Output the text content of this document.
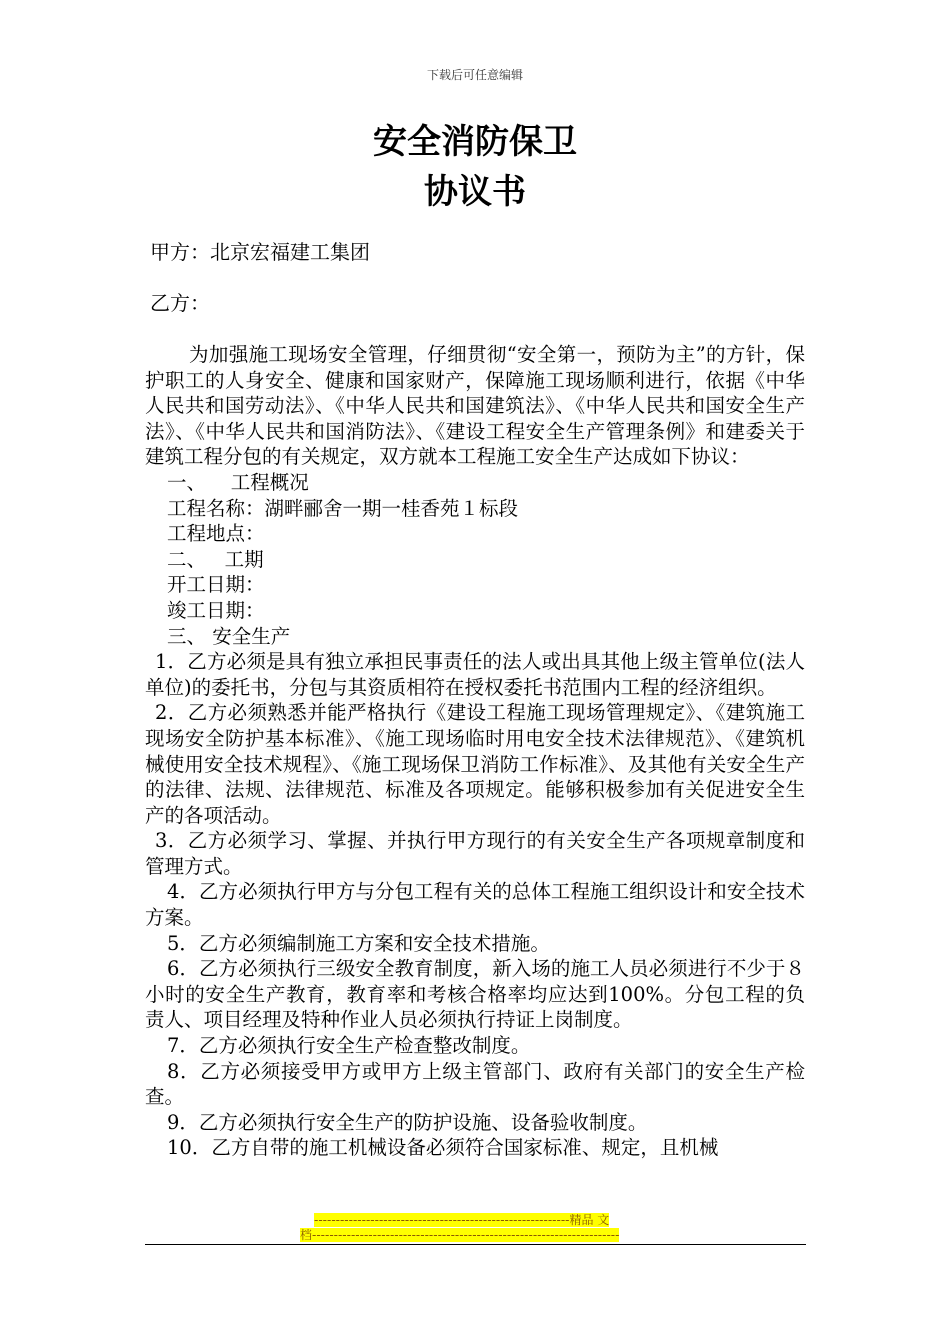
下载后可任意编辑
安全消防保卫
协议书
甲方：北京宏福建工集团
乙方：

为加强施工现场安全管理，仔细贯彻“安全第一，预防为主”的方针，保护职工的人身安全、健康和国家财产，保障施工现场顺利进行，依据《中华人民共和国劳动法》、《中华人民共和国建筑法》、《中华人民共和国安全生产法》、《中华人民共和国消防法》、《建设工程安全生产管理条例》和建委关于建筑工程分包的有关规定，双方就本工程施工安全生产达成如下协议：

一、    工程概况

工程名称：湖畔郦舍一期一桂香苑１标段

工程地点：

二、   工期

开工日期：

竣工日期：

三、 安全生产

1．乙方必须是具有独立承担民事责任的法人或出具其他上级主管单位(法人单位)的委托书，分包与其资质相符在授权委托书范围内工程的经济组织。

2．乙方必须熟悉并能严格执行《建设工程施工现场管理规定》、《建筑施工现场安全防护基本标准》、《施工现场临时用电安全技术法律规范》、《建筑机械使用安全技术规程》、《施工现场保卫消防工作标准》、及其他有关安全生产的法律、法规、法律规范、标准及各项规定。能够积极参加有关促进安全生产的各项活动。

3．乙方必须学习、掌握、并执行甲方现行的有关安全生产各项规章制度和管理方式。

4．乙方必须执行甲方与分包工程有关的总体工程施工组织设计和安全技术方案。

5．乙方必须编制施工方案和安全技术措施。

6．乙方必须执行三级安全教育制度，新入场的施工人员必须进行不少于８小时的安全生产教育，教育率和考核合格率均应达到100%。分包工程的负责人、项目经理及特种作业人员必须执行持证上岗制度。

7．乙方必须执行安全生产检查整改制度。

8．乙方必须接受甲方或甲方上级主管部门、政府有关部门的安全生产检查。

9．乙方必须执行安全生产的防护设施、设备验收制度。

10．乙方自带的施工机械设备必须符合国家标准、规定，且机械

-----------------------------------------------------------精品 文
档-----------------------------------------------------------------------
